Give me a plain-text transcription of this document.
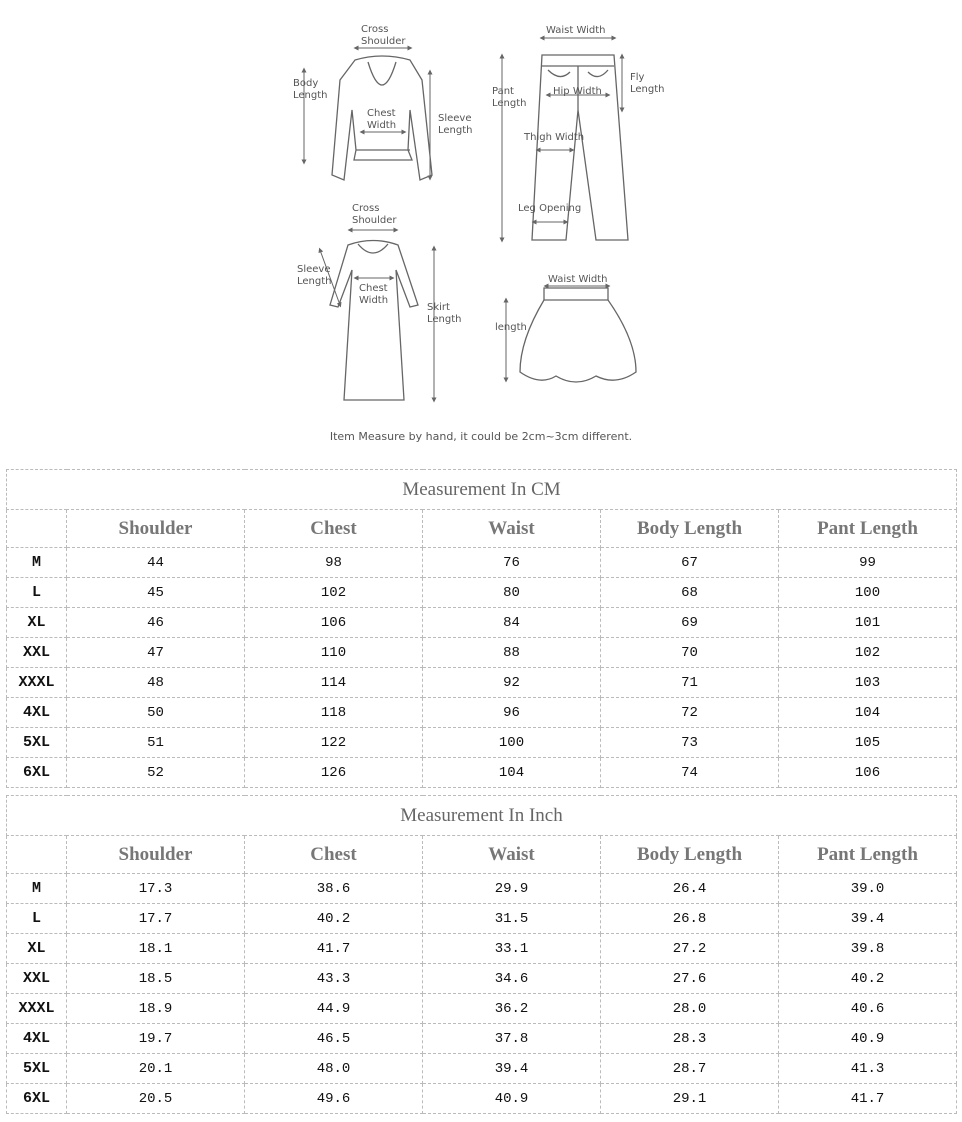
Cross
Shoulder
Body
Length
Chest
Width
Sleeve
Length
Waist Width
Pant
Length
Hip Width
Fly
Length
Thigh Width
Leg Opening
Cross
Shoulder
Sleeve
Length
Chest
Width
Skirt
Length
Waist Width
length
Item Measure by hand, it could be 2cm~3cm different.
Measurement In CM					
	Shoulder	Chest	Waist	Body Length	Pant Length
M	44	98	76	67	99
L	45	102	80	68	100
XL	46	106	84	69	101
XXL	47	110	88	70	102
XXXL	48	114	92	71	103
4XL	50	118	96	72	104
5XL	51	122	100	73	105
6XL	52	126	104	74	106
Measurement In Inch					
	Shoulder	Chest	Waist	Body Length	Pant Length
M	17.3	38.6	29.9	26.4	39.0
L	17.7	40.2	31.5	26.8	39.4
XL	18.1	41.7	33.1	27.2	39.8
XXL	18.5	43.3	34.6	27.6	40.2
XXXL	18.9	44.9	36.2	28.0	40.6
4XL	19.7	46.5	37.8	28.3	40.9
5XL	20.1	48.0	39.4	28.7	41.3
6XL	20.5	49.6	40.9	29.1	41.7
